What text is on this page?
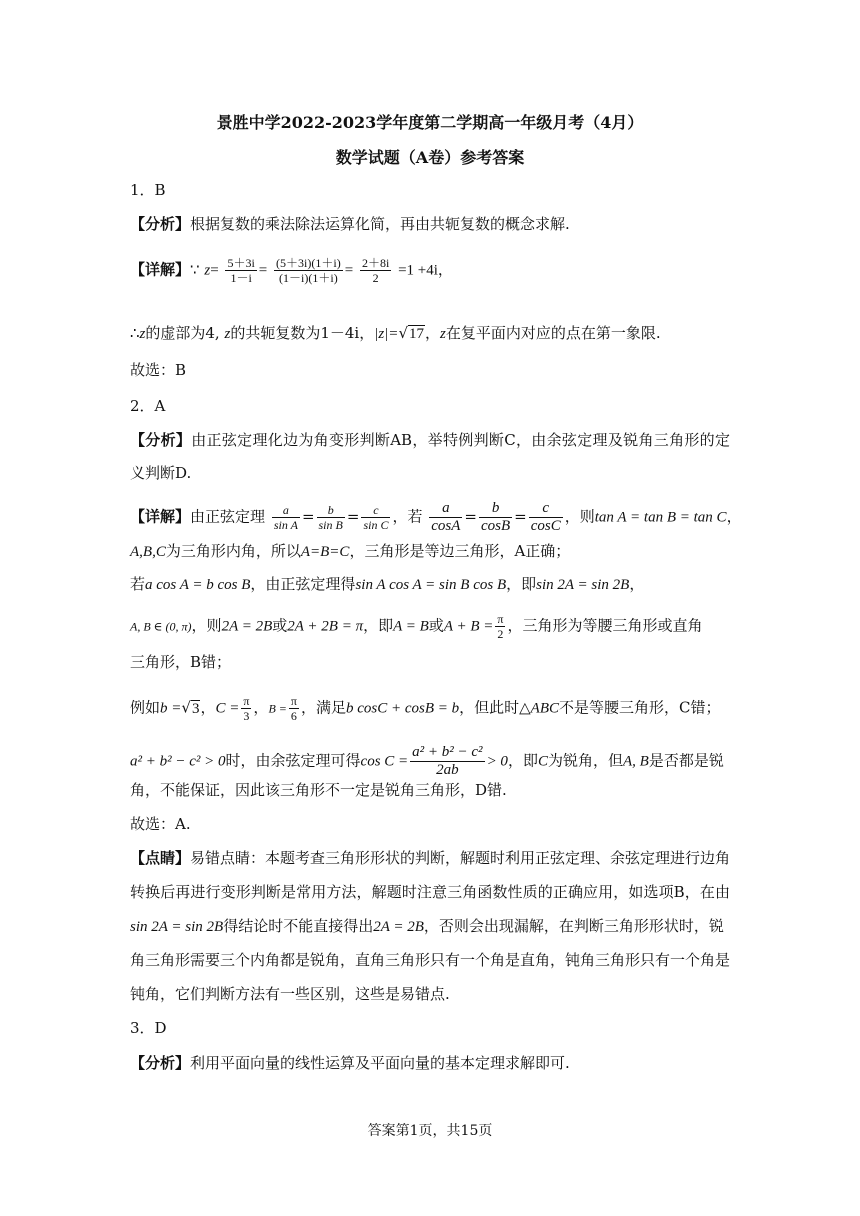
景胜中学2022-2023学年度第二学期高一年级月考（4月）
数学试题（A卷）参考答案
1．B
【分析】根据复数的乘法除法运算化简，再由共轭复数的概念求解.
【详解】∵ $z= \frac{5+3i}{1-i} = \frac{(5+3i)(1+i)}{(1-i)(1+i)} = \frac{2+8i}{2} =1 +4i$，
∴z的虚部为4, z的共轭复数为1－4i，|z|=√17，z在复平面内对应的点在第一象限.
故选：B
2．A
【分析】由正弦定理化边为角变形判断AB，举特例判断C，由余弦定理及锐角三角形的定
义判断D.
【详解】由正弦定理 $\frac{a}{\text{sin A}} = \frac{b}{\text{sin B}} = \frac{c}{\text{sin C}}$ ，若 $\frac{a}{\cos A} = \frac{b}{\cos B} = \frac{c}{\cos C}$ ，则tan A = tan B = tan C，
A,B,C为三角形内角，所以A=B=C，三角形是等边三角形，A正确；
若a cos A = b cos B，由正弦定理得sin A cos A = sin B cos B，即sin 2A = sin 2B，
A, B ∈ (0, π)，则2A = 2B或2A + 2B = π，即A = B或$A + B = \frac{\pi}{2}$ ，三角形为等腰三角形或直角
三角形，B错；
例如b =√3，$C = \frac{\pi}{3}$ ，$B = \frac{\pi}{6}$ ，满足b cosC + cosB = b，但此时△ABC不是等腰三角形，C错；
a² + b² − c² > 0时，由余弦定理可得$\cos C = \frac{\text{a² + b² − c²}}{2ab} > 0$，即C为锐角，但A, B是否都是锐
角，不能保证，因此该三角形不一定是锐角三角形，D错.
故选：A.
【点睛】易错点睛：本题考查三角形形状的判断，解题时利用正弦定理、余弦定理进行边角
转换后再进行变形判断是常用方法，解题时注意三角函数性质的正确应用，如选项B，在由
sin 2A = sin 2B得结论时不能直接得出2A = 2B，否则会出现漏解，在判断三角形形状时，锐
角三角形需要三个内角都是锐角，直角三角形只有一个角是直角，钝角三角形只有一个角是
钝角，它们判断方法有一些区别，这些是易错点.
3．D
【分析】利用平面向量的线性运算及平面向量的基本定理求解即可.
答案第1页，共15页
